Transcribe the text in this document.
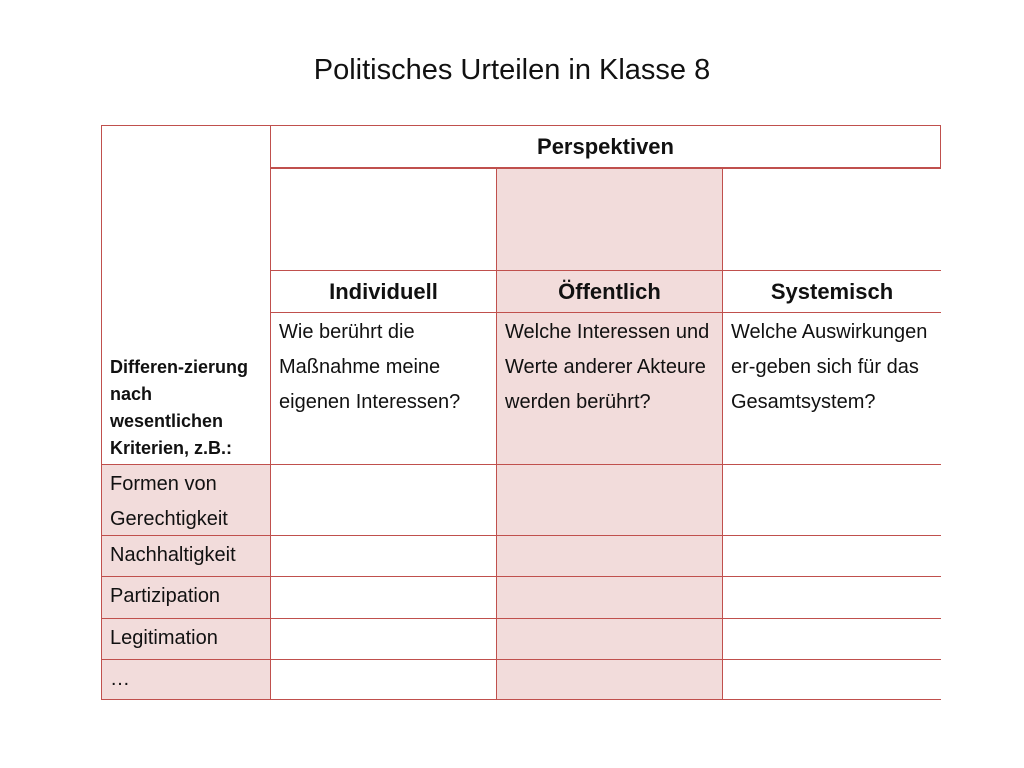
Politisches Urteilen in Klasse 8
Differen-zierung nach wesentlichen Kriterien, z.B.:
Perspektiven
Individuell	Öffentlich	Systemisch
Wie berührt die Maßnahme meine eigenen Interessen?
Welche Interessen und Werte anderer Akteure werden berührt?
Welche Auswirkungen er-geben sich für das Gesamtsystem?
Formen von Gerechtigkeit
Nachhaltigkeit
Partizipation
Legitimation
…
